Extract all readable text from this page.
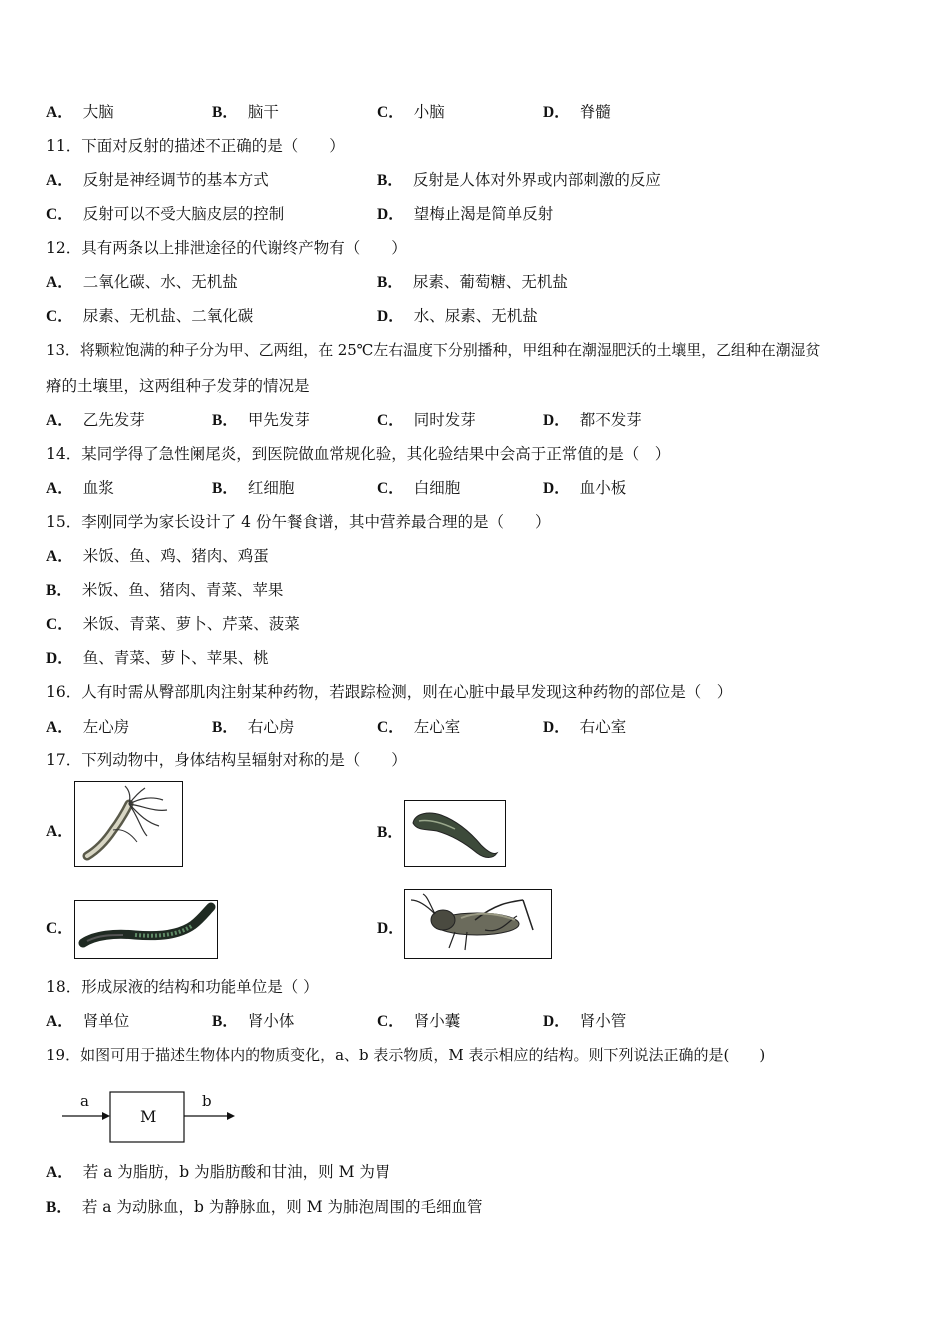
A． 大脑	B． 脑干	C． 小脑	D． 脊髓
11．下面对反射的描述不正确的是（　　）
A． 反射是神经调节的基本方式	B． 反射是人体对外界或内部刺激的反应
C． 反射可以不受大脑皮层的控制	D． 望梅止渴是简单反射
12．具有两条以上排泄途径的代谢终产物有（　　）
A． 二氧化碳、水、无机盐	B． 尿素、葡萄糖、无机盐
C． 尿素、无机盐、二氧化碳	D． 水、尿素、无机盐
13．将颗粒饱满的种子分为甲、乙两组，在 25℃左右温度下分别播种，甲组种在潮湿肥沃的土壤里，乙组种在潮湿贫
瘠的土壤里，这两组种子发芽的情况是
A． 乙先发芽	B． 甲先发芽	C． 同时发芽	D． 都不发芽
14．某同学得了急性阑尾炎，到医院做血常规化验，其化验结果中会高于正常值的是（　）
A． 血浆	B． 红细胞	C． 白细胞	D． 血小板
15．李刚同学为家长设计了 4 份午餐食谱，其中营养最合理的是（　　）
A． 米饭、鱼、鸡、猪肉、鸡蛋
B． 米饭、鱼、猪肉、青菜、苹果
C． 米饭、青菜、萝卜、芹菜、菠菜
D． 鱼、青菜、萝卜、苹果、桃
16．人有时需从臀部肌肉注射某种药物，若跟踪检测，则在心脏中最早发现这种药物的部位是（　）
A． 左心房	B． 右心房	C． 左心室	D． 右心室
17．下列动物中，身体结构呈辐射对称的是（　　）
A．	B．
C．	D．
18．形成尿液的结构和功能单位是（ ）
A． 肾单位	B． 肾小体	C． 肾小囊	D． 肾小管
19．如图可用于描述生物体内的物质变化，a、b 表示物质，M 表示相应的结构。则下列说法正确的是(　　)
a
M
b
A． 若 a 为脂肪，b 为脂肪酸和甘油，则 M 为胃
B． 若 a 为动脉血，b 为静脉血，则 M 为肺泡周围的毛细血管
